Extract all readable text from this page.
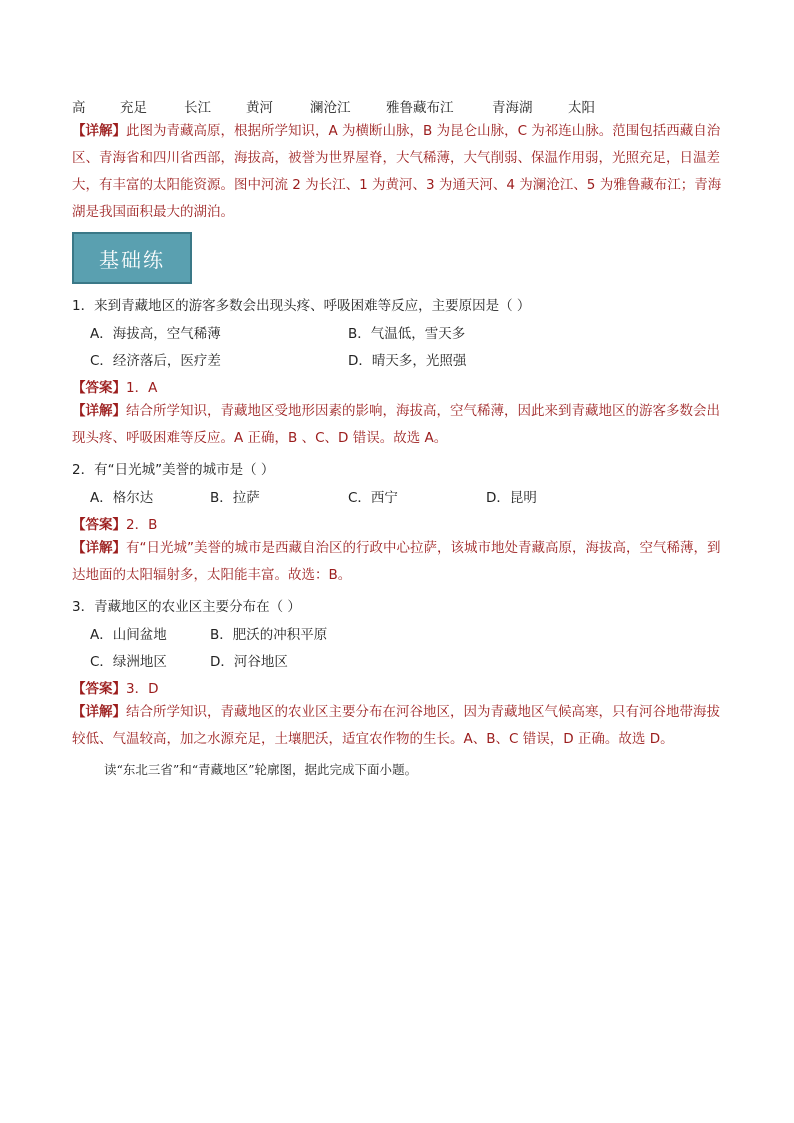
高	充足	长江	黄河	澜沧江	雅鲁藏布江	青海湖	太阳
【详解】此图为青藏高原，根据所学知识，A 为横断山脉，B 为昆仑山脉，C 为祁连山脉。范围包括西藏自治区、青海省和四川省西部，海拔高，被誉为世界屋脊，大气稀薄，大气削弱、保温作用弱，光照充足，日温差大，有丰富的太阳能资源。图中河流 2 为长江、1 为黄河、3 为通天河、4 为澜沧江、5 为雅鲁藏布江；青海湖是我国面积最大的湖泊。
基础练
1．来到青藏地区的游客多数会出现头疼、呼吸困难等反应，主要原因是（ ）
A．海拔高，空气稀薄	B．气温低，雪天多
C．经济落后，医疗差	D．晴天多，光照强
【答案】1．A
【详解】结合所学知识，青藏地区受地形因素的影响，海拔高，空气稀薄，因此来到青藏地区的游客多数会出现头疼、呼吸困难等反应。A 正确，B 、C、D 错误。故选 A。
2．有“日光城”美誉的城市是（ ）
A．格尔达	B．拉萨	C．西宁	D．昆明
【答案】2．B
【详解】有“日光城”美誉的城市是西藏自治区的行政中心拉萨，该城市地处青藏高原，海拔高，空气稀薄，到达地面的太阳辐射多，太阳能丰富。故选：B。
3．青藏地区的农业区主要分布在（ ）
A．山间盆地	B．肥沃的冲积平原
C．绿洲地区	D．河谷地区
【答案】3．D
【详解】结合所学知识，青藏地区的农业区主要分布在河谷地区，因为青藏地区气候高寒，只有河谷地带海拔较低、气温较高，加之水源充足，土壤肥沃，适宜农作物的生长。A、B、C 错误，D 正确。故选 D。
读“东北三省”和“青藏地区”轮廓图，据此完成下面小题。
